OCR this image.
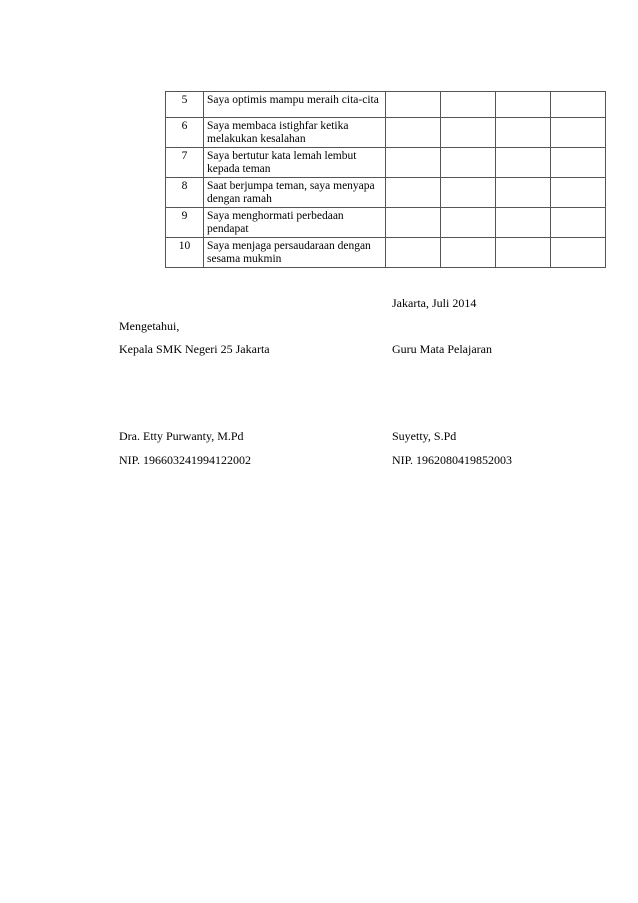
5	Saya optimis mampu meraih cita-cita				
6	Saya membaca istighfar ketika melakukan kesalahan				
7	Saya bertutur kata lemah lembut kepada teman				
8	Saat berjumpa teman, saya menyapa dengan ramah				
9	Saya menghormati perbedaan pendapat				
10	Saya menjaga persaudaraan dengan sesama mukmin				
Jakarta, Juli 2014
Mengetahui,
Kepala SMK Negeri 25 Jakarta	Guru Mata Pelajaran
Dra. Etty Purwanty, M.Pd	Suyetty, S.Pd
NIP. 196603241994122002	NIP. 1962080419852003
